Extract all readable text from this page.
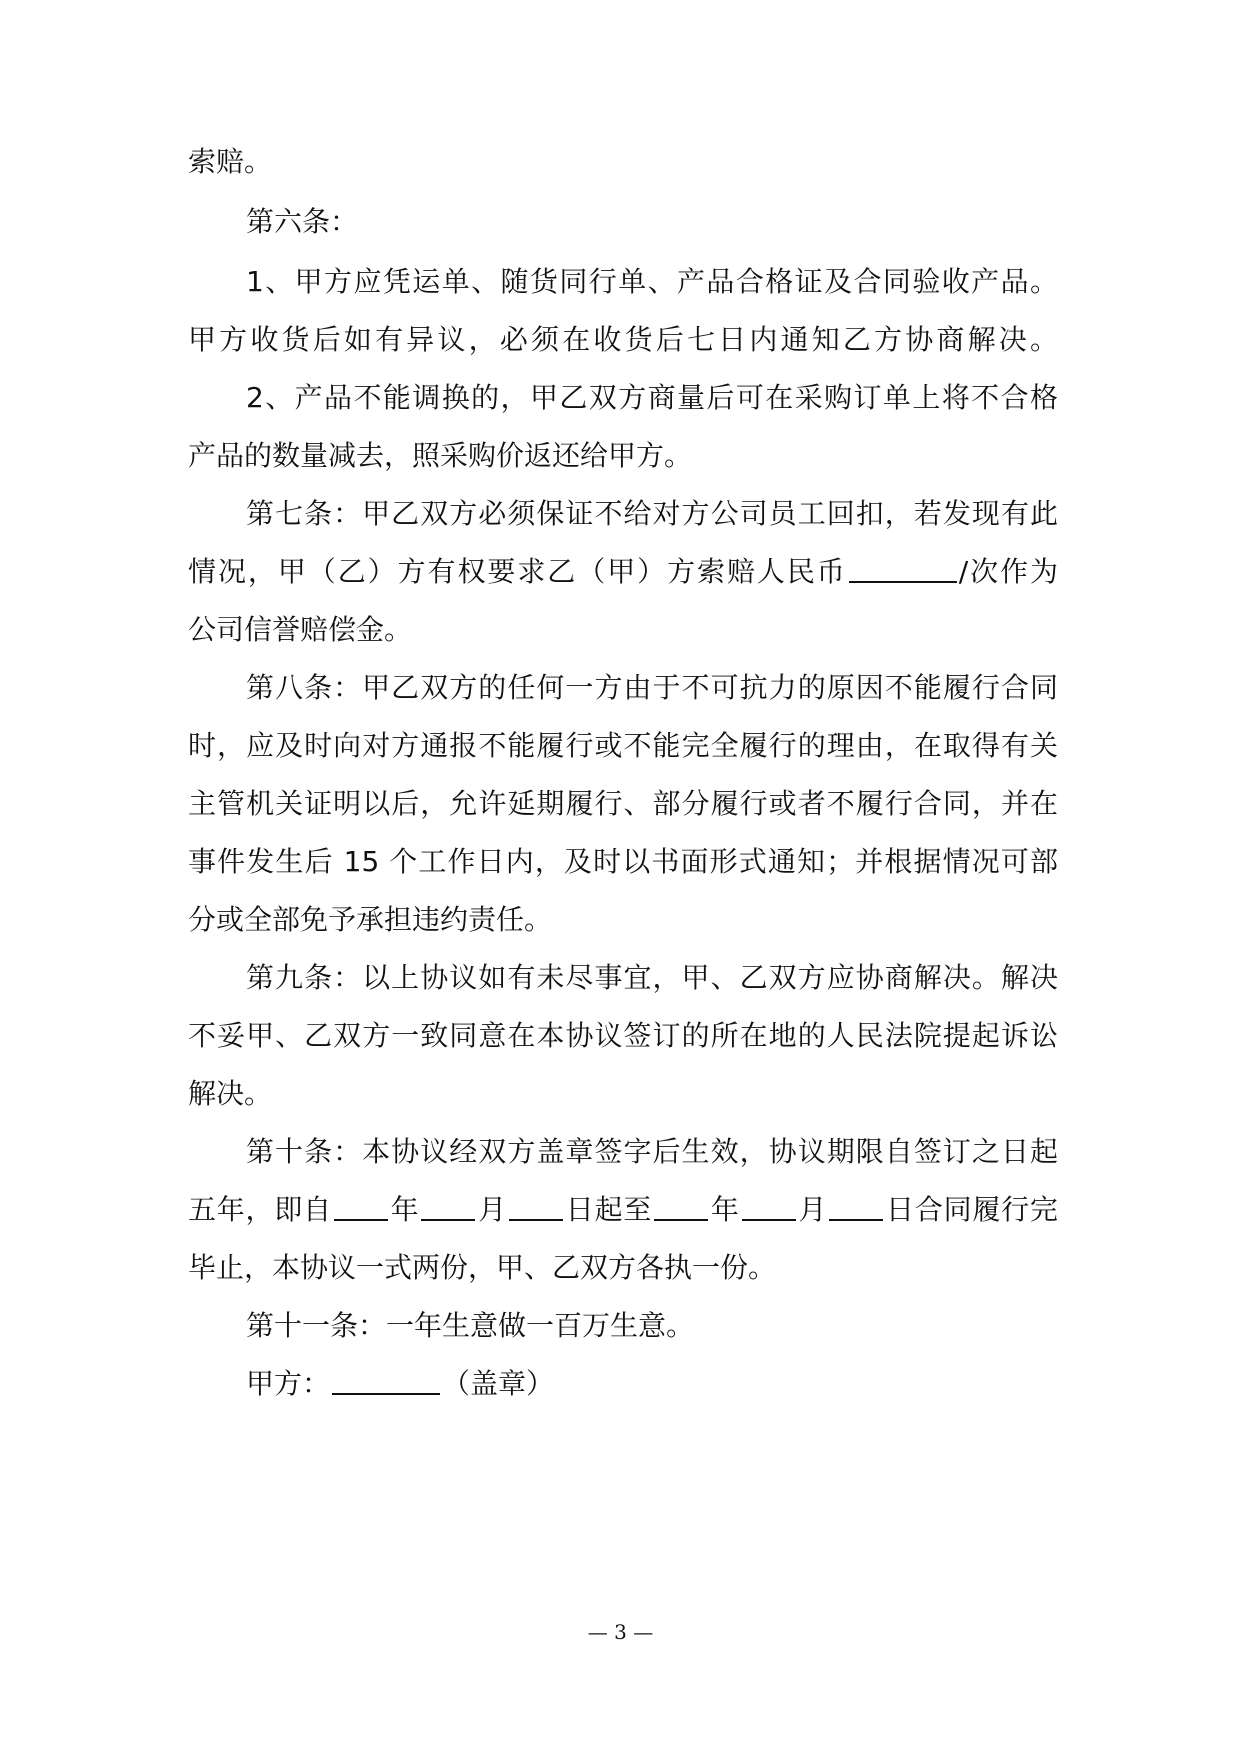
索赔。
第六条：
1、甲方应凭运单、随货同行单、产品合格证及合同验收产品。
甲方收货后如有异议，必须在收货后七日内通知乙方协商解决。
2、产品不能调换的，甲乙双方商量后可在采购订单上将不合格
产品的数量减去，照采购价返还给甲方。
第七条：甲乙双方必须保证不给对方公司员工回扣，若发现有此
情况，甲（乙）方有权要求乙（甲）方索赔人民币	/次作为
公司信誉赔偿金。
第八条：甲乙双方的任何一方由于不可抗力的原因不能履行合同
时，应及时向对方通报不能履行或不能完全履行的理由，在取得有关
主管机关证明以后，允许延期履行、部分履行或者不履行合同，并在
事件发生后 15 个工作日内，及时以书面形式通知；并根据情况可部
分或全部免予承担违约责任。
第九条：以上协议如有未尽事宜，甲、乙双方应协商解决。解决
不妥甲、乙双方一致同意在本协议签订的所在地的人民法院提起诉讼
解决。
第十条：本协议经双方盖章签字后生效，协议期限自签订之日起
五年，即自 年 月 日起至 年 月 日合同履行完
毕止，本协议一式两份，甲、乙双方各执一份。
第十一条：一年生意做一百万生意。
甲方：	（盖章）
— 3 —
